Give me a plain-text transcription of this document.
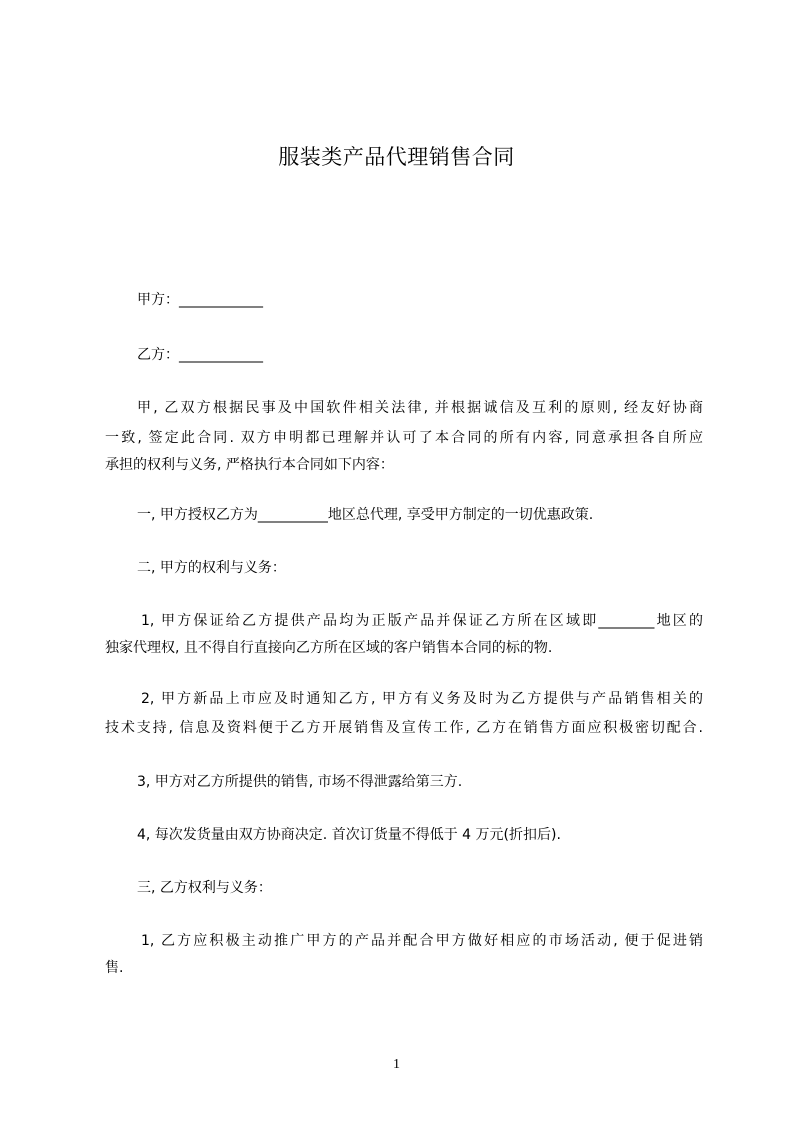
服装类产品代理销售合同
甲方：____________
乙方：____________
甲, 乙双方根据民事及中国软件相关法律, 并根据诚信及互利的原则, 经友好协商
一致, 签定此合同. 双方申明都已理解并认可了本合同的所有内容, 同意承担各自所应
承担的权利与义务, 严格执行本合同如下内容：
一, 甲方授权乙方为__________地区总代理, 享受甲方制定的一切优惠政策.
二, 甲方的权利与义务：
1, 甲方保证给乙方提供产品均为正版产品并保证乙方所在区域即________地区的
独家代理权, 且不得自行直接向乙方所在区域的客户销售本合同的标的物.
2, 甲方新品上市应及时通知乙方, 甲方有义务及时为乙方提供与产品销售相关的
技术支持, 信息及资料便于乙方开展销售及宣传工作, 乙方在销售方面应积极密切配合.
3, 甲方对乙方所提供的销售, 市场不得泄露给第三方.
4, 每次发货量由双方协商决定. 首次订货量不得低于 4 万元(折扣后).
三, 乙方权利与义务：
1, 乙方应积极主动推广甲方的产品并配合甲方做好相应的市场活动, 便于促进销
售.
1
